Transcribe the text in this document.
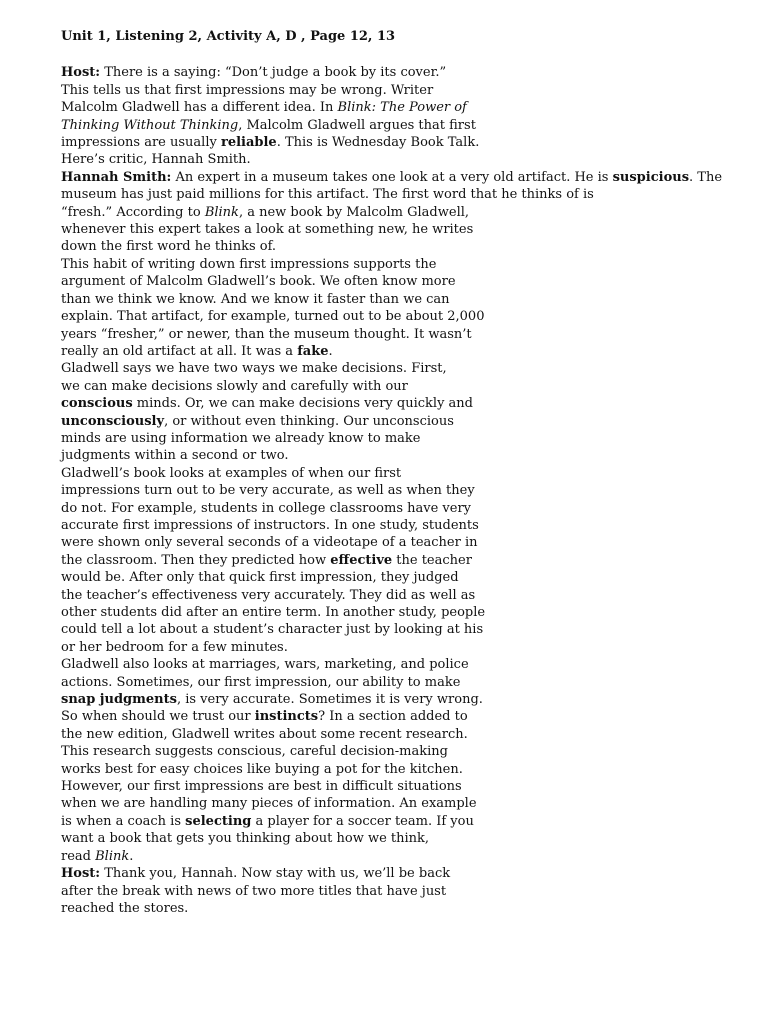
Unit 1, Listening 2, Activity A, D , Page 12, 13
Host: There is a saying: “Don’t judge a book by its cover.”
This tells us that first impressions may be wrong. Writer
Malcolm Gladwell has a different idea. In Blink: The Power of
Thinking Without Thinking, Malcolm Gladwell argues that first
impressions are usually reliable. This is Wednesday Book Talk.
Here’s critic, Hannah Smith.
Hannah Smith: An expert in a museum takes one look at a very old artifact. He is suspicious. The
museum has just paid millions for this artifact. The first word that he thinks of is
“fresh.” According to Blink, a new book by Malcolm Gladwell,
whenever this expert takes a look at something new, he writes
down the first word he thinks of.
This habit of writing down first impressions supports the
argument of Malcolm Gladwell’s book. We often know more
than we think we know. And we know it faster than we can
explain. That artifact, for example, turned out to be about 2,000
years “fresher,” or newer, than the museum thought. It wasn’t
really an old artifact at all. It was a fake.
Gladwell says we have two ways we make decisions. First,
we can make decisions slowly and carefully with our
conscious minds. Or, we can make decisions very quickly and
unconsciously, or without even thinking. Our unconscious
minds are using information we already know to make
judgments within a second or two.
Gladwell’s book looks at examples of when our first
impressions turn out to be very accurate, as well as when they
do not. For example, students in college classrooms have very
accurate first impressions of instructors. In one study, students
were shown only several seconds of a videotape of a teacher in
the classroom. Then they predicted how effective the teacher
would be. After only that quick first impression, they judged
the teacher’s effectiveness very accurately. They did as well as
other students did after an entire term. In another study, people
could tell a lot about a student’s character just by looking at his
or her bedroom for a few minutes.
Gladwell also looks at marriages, wars, marketing, and police
actions. Sometimes, our first impression, our ability to make
snap judgments, is very accurate. Sometimes it is very wrong.
So when should we trust our instincts? In a section added to
the new edition, Gladwell writes about some recent research.
This research suggests conscious, careful decision-making
works best for easy choices like buying a pot for the kitchen.
However, our first impressions are best in difficult situations
when we are handling many pieces of information. An example
is when a coach is selecting a player for a soccer team. If you
want a book that gets you thinking about how we think,
read Blink.
Host: Thank you, Hannah. Now stay with us, we’ll be back
after the break with news of two more titles that have just
reached the stores.
